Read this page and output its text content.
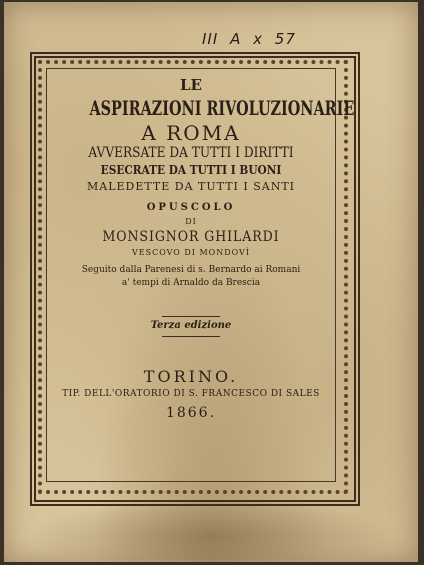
III A x 57
LE
ASPIRAZIONI RIVOLUZIONARIE
A ROMA
AVVERSATE DA TUTTI I DIRITTI
ESECRATE DA TUTTI I BUONI
MALEDETTE DA TUTTI I SANTI
OPUSCOLO
DI
MONSIGNOR GHILARDI
VESCOVO DI MONDOVÌ
Seguito dalla Parenesi di s. Bernardo ai Romani
a' tempi di Arnaldo da Brescia
Terza edizione
TORINO.
TIP. DELL'ORATORIO DI S. FRANCESCO DI SALES
1866.
